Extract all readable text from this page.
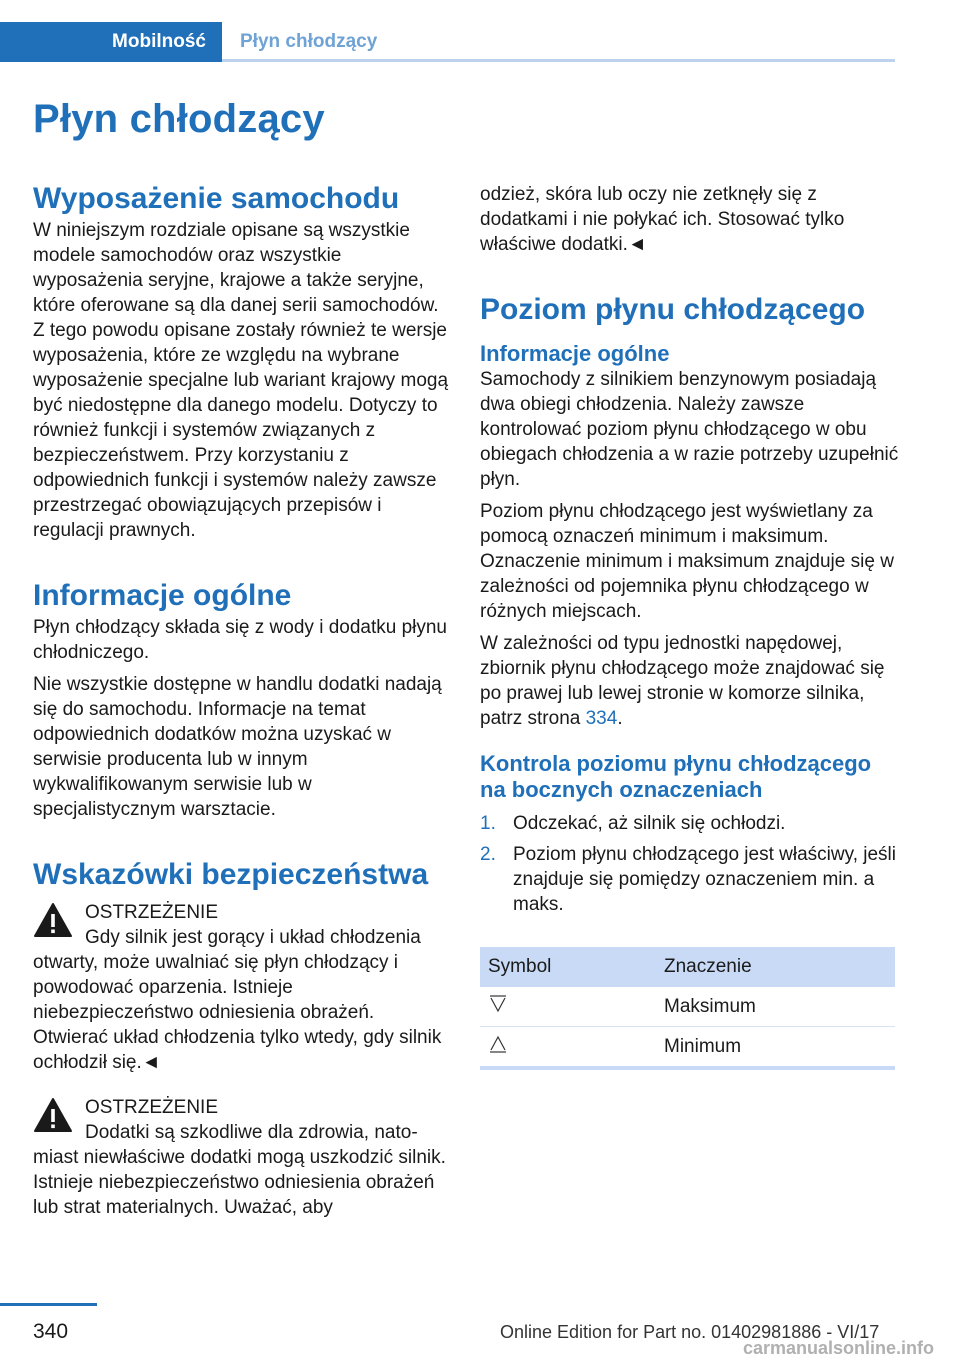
Mobilność	Płyn chłodzący
Płyn chłodzący
Wyposażenie samochodu

W niniejszym rozdziale opisane są wszystkie modele samochodów oraz wszystkie wyposażenia seryjne, krajowe a także seryjne, które oferowane są dla danej serii samochodów. Z tego powodu opisane zostały również te wersje wyposażenia, które ze względu na wybrane wyposażenie specjalne lub wariant krajowy mogą być niedostępne dla danego modelu. Dotyczy to również funkcji i systemów związanych z bezpieczeństwem. Przy korzystaniu z odpowiednich funkcji i systemów należy zawsze przestrzegać obowiązujących przepisów i regulacji prawnych.

Informacje ogólne

Płyn chłodzący składa się z wody i dodatku płynu chłodniczego.

Nie wszystkie dostępne w handlu dodatki nadają się do samochodu. Informacje na temat odpowiednich dodatków można uzyskać w serwisie producenta lub w innym wykwalifikowanym serwisie lub w specjalistycznym warsztacie.

Wskazówki bezpieczeństwa

OSTRZEŻENIE

Gdy silnik jest gorący i układ chłodzenia

otwarty, może uwalniać się płyn chłodzący i powodować oparzenia. Istnieje niebezpieczeństwo odniesienia obrażeń. Otwierać układ chłodzenia tylko wtedy, gdy silnik ochłodził się.◄

OSTRZEŻENIE

Dodatki są szkodliwe dla zdrowia, nato-

miast niewłaściwe dodatki mogą uszkodzić silnik. Istnieje niebezpieczeństwo odniesienia obrażeń lub strat materialnych. Uważać, aby

odzież, skóra lub oczy nie zetknęły się z dodatkami i nie połykać ich. Stosować tylko właściwe dodatki.◄

Poziom płynu chłodzącego
Informacje ogólne

Samochody z silnikiem benzynowym posiadają dwa obiegi chłodzenia. Należy zawsze kontrolować poziom płynu chłodzącego w obu obiegach chłodzenia a w razie potrzeby uzupełnić płyn.

Poziom płynu chłodzącego jest wyświetlany za pomocą oznaczeń minimum i maksimum. Oznaczenie minimum i maksimum znajduje się w zależności od pojemnika płynu chłodzącego w różnych miejscach.

W zależności od typu jednostki napędowej, zbiornik płynu chłodzącego może znajdować się po prawej lub lewej stronie w komorze silnika, patrz strona 334.

Kontrola poziomu płynu chłodzącego na bocznych oznaczeniach
1. Odczekać, aż silnik się ochłodzi.
2. Poziom płynu chłodzącego jest właściwy, jeśli znajduje się pomiędzy oznaczeniem min. a maks.
Symbol	Znaczenie
	Maksimum
	Minimum
340	Online Edition for Part no. 01402981886 - VI/17
carmanualsonline.info
